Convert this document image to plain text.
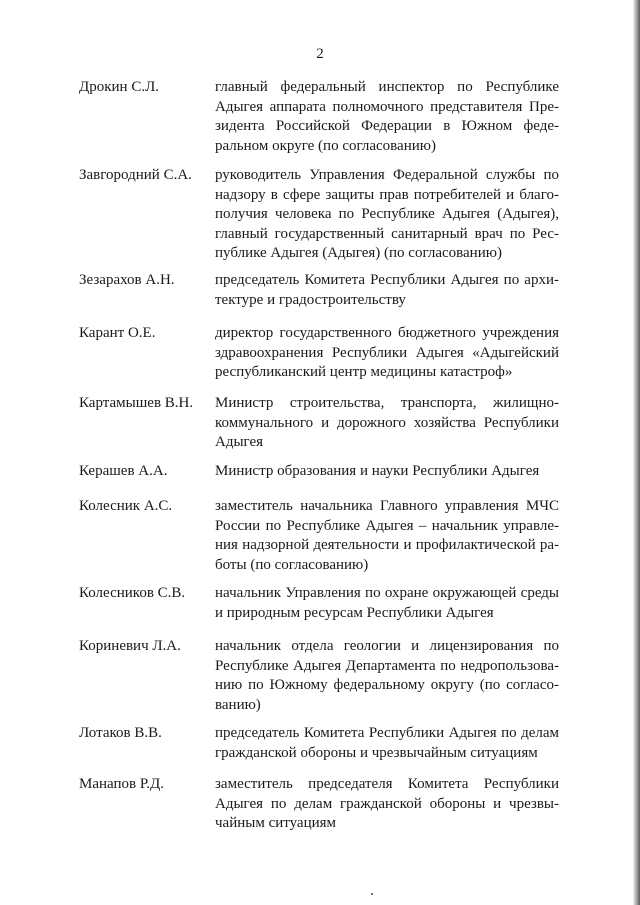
2
Дрокин С.Л.	главный федеральный инспектор по Республике Адыгея аппарата полномочного представителя Президента Российской Федерации в Южном федеральном округе (по согласованию)
Завгородний С.А.	руководитель Управления Федеральной службы по надзору в сфере защиты прав потребителей и благополучия человека по Республике Адыгея (Адыгея), главный государственный санитарный врач по Республике Адыгея (Адыгея) (по согласованию)
Зезарахов А.Н.	председатель Комитета Республики Адыгея по архитектуре и градостроительству
Карант О.Е.	директор государственного бюджетного учреждения здравоохранения Республики Адыгея «Адыгейский республиканский центр медицины катастроф»
Картамышев В.Н.	Министр строительства, транспорта, жилищно-коммунального и дорожного хозяйства Республики Адыгея
Керашев А.А.	Министр образования и науки Республики Адыгея
Колесник А.С.	заместитель начальника Главного управления МЧС России по Республике Адыгея – начальник управления надзорной деятельности и профилактической работы (по согласованию)
Колесников С.В.	начальник Управления по охране окружающей среды и природным ресурсам Республики Адыгея
Кориневич Л.А.	начальник отдела геологии и лицензирования по Республике Адыгея Департамента по недропользованию по Южному федеральному округу (по согласованию)
Лотаков В.В.	председатель Комитета Республики Адыгея по делам гражданской обороны и чрезвычайным ситуациям
Манапов Р.Д.	заместитель председателя Комитета Республики Адыгея по делам гражданской обороны и чрезвычайным ситуациям
